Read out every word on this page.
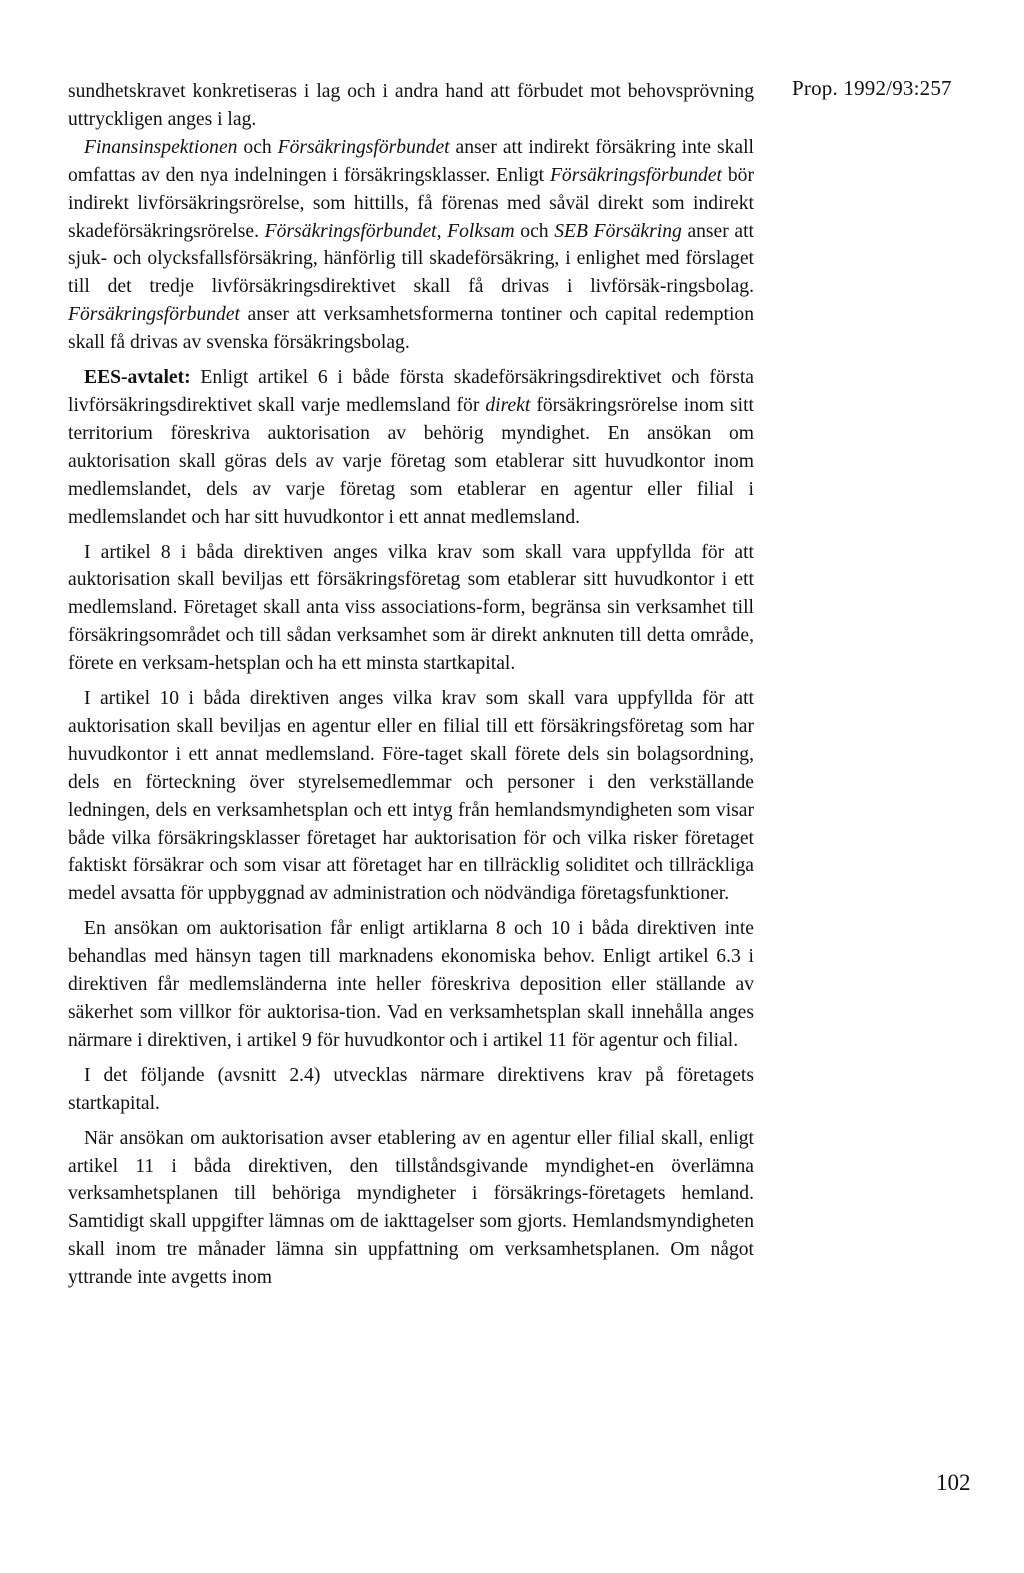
Prop. 1992/93:257

sundhetskravet konkretiseras i lag och i andra hand att förbudet mot behovsprövning uttryckligen anges i lag.

Finansinspektionen och Försäkringsförbundet anser att indirekt försäkring inte skall omfattas av den nya indelningen i försäkringsklasser. Enligt Försäkringsförbundet bör indirekt livförsäkringsrörelse, som hittills, få förenas med såväl direkt som indirekt skadeförsäkringsrörelse. Försäkringsförbundet, Folksam och SEB Försäkring anser att sjuk- och olycksfallsförsäkring, hänförlig till skadeförsäkring, i enlighet med förslaget till det tredje livförsäkringsdirektivet skall få drivas i livförsäk-ringsbolag. Försäkringsförbundet anser att verksamhetsformerna tontiner och capital redemption skall få drivas av svenska försäkringsbolag.

EES-avtalet: Enligt artikel 6 i både första skadeförsäkringsdirektivet och första livförsäkringsdirektivet skall varje medlemsland för direkt försäkringsrörelse inom sitt territorium föreskriva auktorisation av behörig myndighet. En ansökan om auktorisation skall göras dels av varje företag som etablerar sitt huvudkontor inom medlemslandet, dels av varje företag som etablerar en agentur eller filial i medlemslandet och har sitt huvudkontor i ett annat medlemsland.

I artikel 8 i båda direktiven anges vilka krav som skall vara uppfyllda för att auktorisation skall beviljas ett försäkringsföretag som etablerar sitt huvudkontor i ett medlemsland. Företaget skall anta viss associations-form, begränsa sin verksamhet till försäkringsområdet och till sådan verksamhet som är direkt anknuten till detta område, förete en verksam-hetsplan och ha ett minsta startkapital.

I artikel 10 i båda direktiven anges vilka krav som skall vara uppfyllda för att auktorisation skall beviljas en agentur eller en filial till ett försäkringsföretag som har huvudkontor i ett annat medlemsland. Före-taget skall förete dels sin bolagsordning, dels en förteckning över styrelsemedlemmar och personer i den verkställande ledningen, dels en verksamhetsplan och ett intyg från hemlandsmyndigheten som visar både vilka försäkringsklasser företaget har auktorisation för och vilka risker företaget faktiskt försäkrar och som visar att företaget har en tillräcklig soliditet och tillräckliga medel avsatta för uppbyggnad av administration och nödvändiga företagsfunktioner.

En ansökan om auktorisation får enligt artiklarna 8 och 10 i båda direktiven inte behandlas med hänsyn tagen till marknadens ekonomiska behov. Enligt artikel 6.3 i direktiven får medlemsländerna inte heller föreskriva deposition eller ställande av säkerhet som villkor för auktorisa-tion. Vad en verksamhetsplan skall innehålla anges närmare i direktiven, i artikel 9 för huvudkontor och i artikel 11 för agentur och filial.

I det följande (avsnitt 2.4) utvecklas närmare direktivens krav på företagets startkapital.

När ansökan om auktorisation avser etablering av en agentur eller filial skall, enligt artikel 11 i båda direktiven, den tillståndsgivande myndighet-en överlämna verksamhetsplanen till behöriga myndigheter i försäkrings-företagets hemland. Samtidigt skall uppgifter lämnas om de iakttagelser som gjorts. Hemlandsmyndigheten skall inom tre månader lämna sin uppfattning om verksamhetsplanen. Om något yttrande inte avgetts inom

102
